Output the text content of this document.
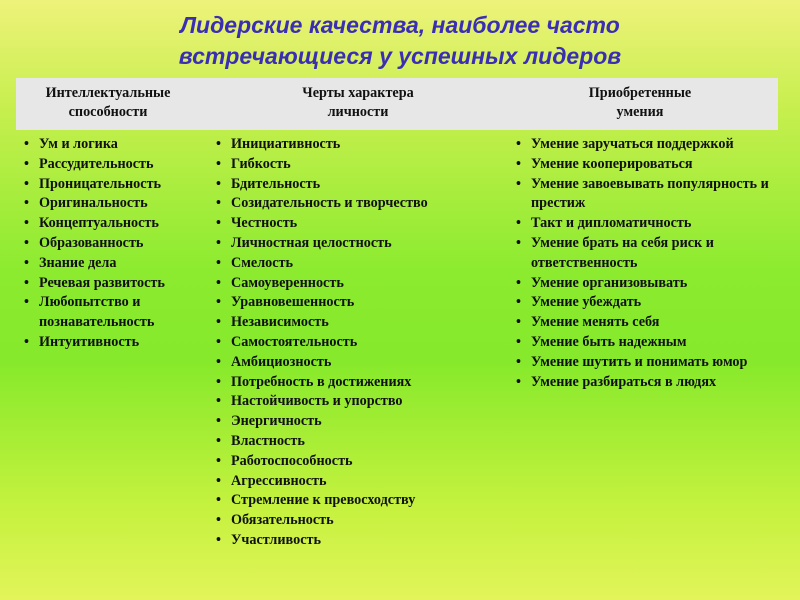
Лидерские качества, наиболее часто
встречающиеся у успешных лидеров
Интеллектуальные
способности
Черты характера
личности
Приобретенные
умения
• Ум и логика
• Рассудительность
• Проницательность
• Оригинальность
• Концептуальность
• Образованность
• Знание дела
• Речевая развитость
• Любопытство и познавательность
• Интуитивность
• Инициативность
• Гибкость
• Бдительность
• Созидательность и творчество
• Честность
• Личностная целостность
• Смелость
• Самоуверенность
• Уравновешенность
• Независимость
• Самостоятельность
• Амбициозность
• Потребность в достижениях
• Настойчивость и упорство
• Энергичность
• Властность
• Работоспособность
• Агрессивность
• Стремление к превосходству
• Обязательность
• Участливость
• Умение заручаться поддержкой
• Умение кооперироваться
• Умение завоевывать популярность и престиж
• Такт и дипломатичность
• Умение брать на себя риск и ответственность
• Умение организовывать
• Умение убеждать
• Умение менять себя
• Умение быть надежным
• Умение шутить и понимать юмор
• Умение разбираться в людях
